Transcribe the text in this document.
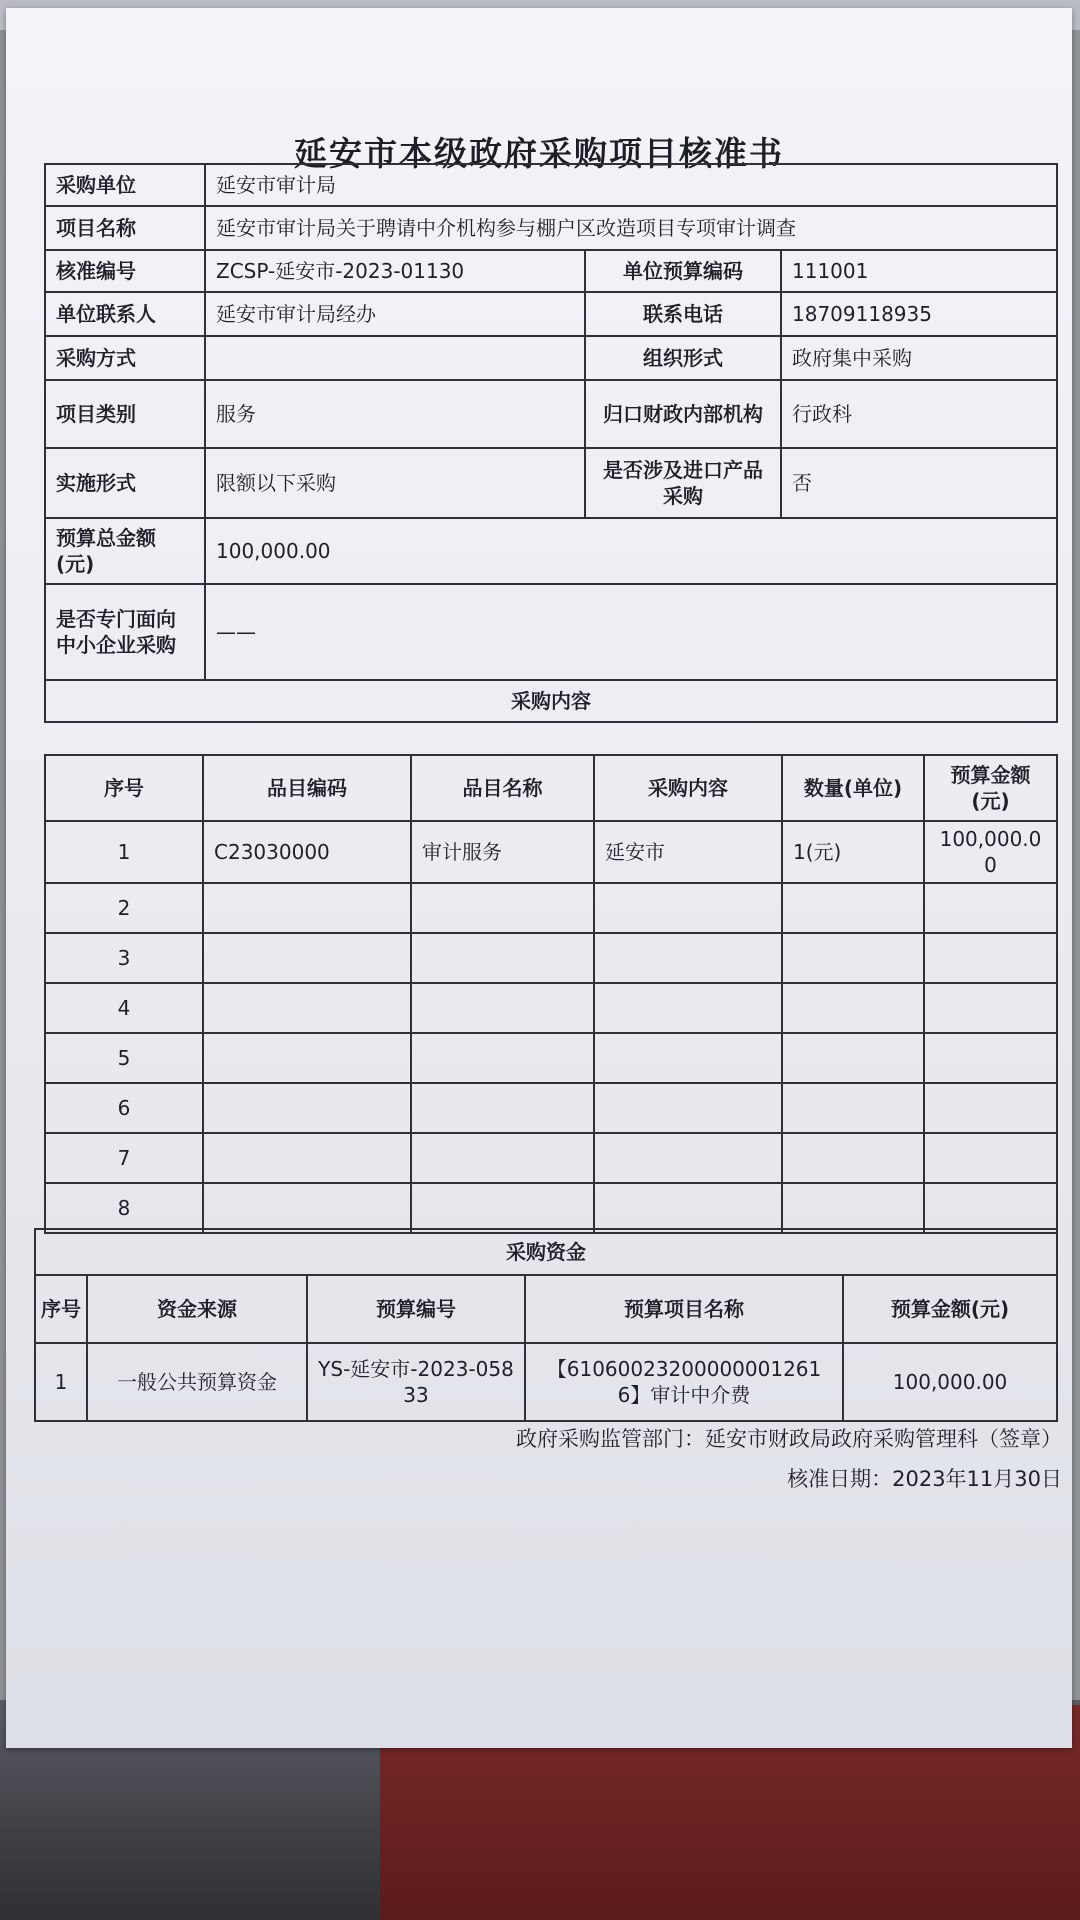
延安市本级政府采购项目核准书
采购单位	延安市审计局		
项目名称	延安市审计局关于聘请中介机构参与棚户区改造项目专项审计调查		
核准编号	ZCSP-延安市-2023-01130	单位预算编码	111001
单位联系人	延安市审计局经办	联系电话	18709118935
采购方式		组织形式	政府集中采购
项目类别	服务	归口财政内部机构	行政科
实施形式	限额以下采购	是否涉及进口产品采购	否
预算总金额(元)	100,000.00		
是否专门面向中小企业采购	——		
采购内容			
序号	品目编码	品目名称	采购内容	数量(单位)	预算金额(元)
1	C23030000	审计服务	延安市	1(元)	100,000.00
2					
3					
4					
5					
6					
7					
8					
采购资金				
序号	资金来源	预算编号	预算项目名称	预算金额(元)
1	一般公共预算资金	YS-延安市-2023-05833	【610600232000000012616】审计中介费	100,000.00
政府采购监管部门：延安市财政局政府采购管理科（签章）
核准日期：2023年11月30日
